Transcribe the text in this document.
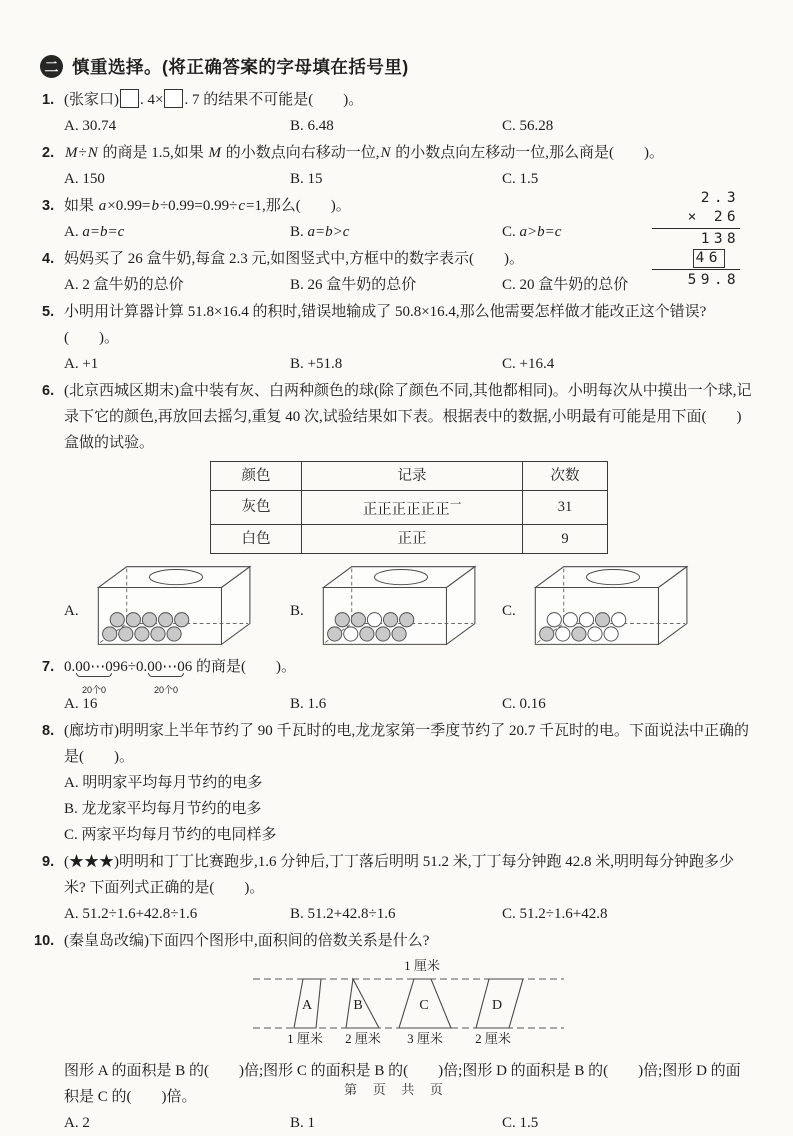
二 慎重选择。(将正确答案的字母填在括号里)
1. (张家口) . 4× . 7 的结果不可能是(　　)。
A. 30.74	B. 6.48	C. 56.28
2. M÷N 的商是 1.5,如果 M 的小数点向右移动一位,N 的小数点向左移动一位,那么商是(　　)。
A. 150	B. 15	C. 1.5
3. 如果 a×0.99=b÷0.99=0.99÷c=1,那么(　　)。
A. a=b=c	B. a=b>c	C. a>b=c
4. 妈妈买了 26 盒牛奶,每盒 2.3 元,如图竖式中,方框中的数字表示(　　)。
A. 2 盒牛奶的总价	B. 26 盒牛奶的总价	C. 20 盒牛奶的总价
2.3
× 26
138
46
59.8
5. 小明用计算器计算 51.8×16.4 的积时,错误地输成了 50.8×16.4,那么他需要怎样做才能改正这个错误? (　　)。
A. +1	B. +51.8	C. +16.4
6. (北京西城区期末)盒中装有灰、白两种颜色的球(除了颜色不同,其他都相同)。小明每次从中摸出一个球,记录下它的颜色,再放回去摇匀,重复 40 次,试验结果如下表。根据表中的数据,小明最有可能是用下面(　　)盒做的试验。
颜色	记录	次数
灰色	正正正正正正$^一$	31
白色	正正	9
A.	B.	C.
7. 0.00⋯0
20个0
96÷0.00⋯0
20个0
6 的商是(　　)。
A. 16	B. 1.6	C. 0.16
8. (廊坊市)明明家上半年节约了 90 千瓦时的电,龙龙家第一季度节约了 20.7 千瓦时的电。下面说法中正确的是(　　)。
A. 明明家平均每月节约的电多
B. 龙龙家平均每月节约的电多
C. 两家平均每月节约的电同样多
9. (★★★)明明和丁丁比赛跑步,1.6 分钟后,丁丁落后明明 51.2 米,丁丁每分钟跑 42.8 米,明明每分钟跑多少米? 下面列式正确的是(　　)。
A. 51.2÷1.6+42.8÷1.6	B. 51.2+42.8÷1.6	C. 51.2÷1.6+42.8
10. (秦皇岛改编)下面四个图形中,面积间的倍数关系是什么?
1 厘米
A	B	C	D
1 厘米 2 厘米 3 厘米 2 厘米
图形 A 的面积是 B 的(　　)倍;图形 C 的面积是 B 的(　　)倍;图形 D 的面积是 B 的(　　)倍;图形 D 的面积是 C 的(　　)倍。
A. 2	B. 1	C. 1.5
第 页 共 页
